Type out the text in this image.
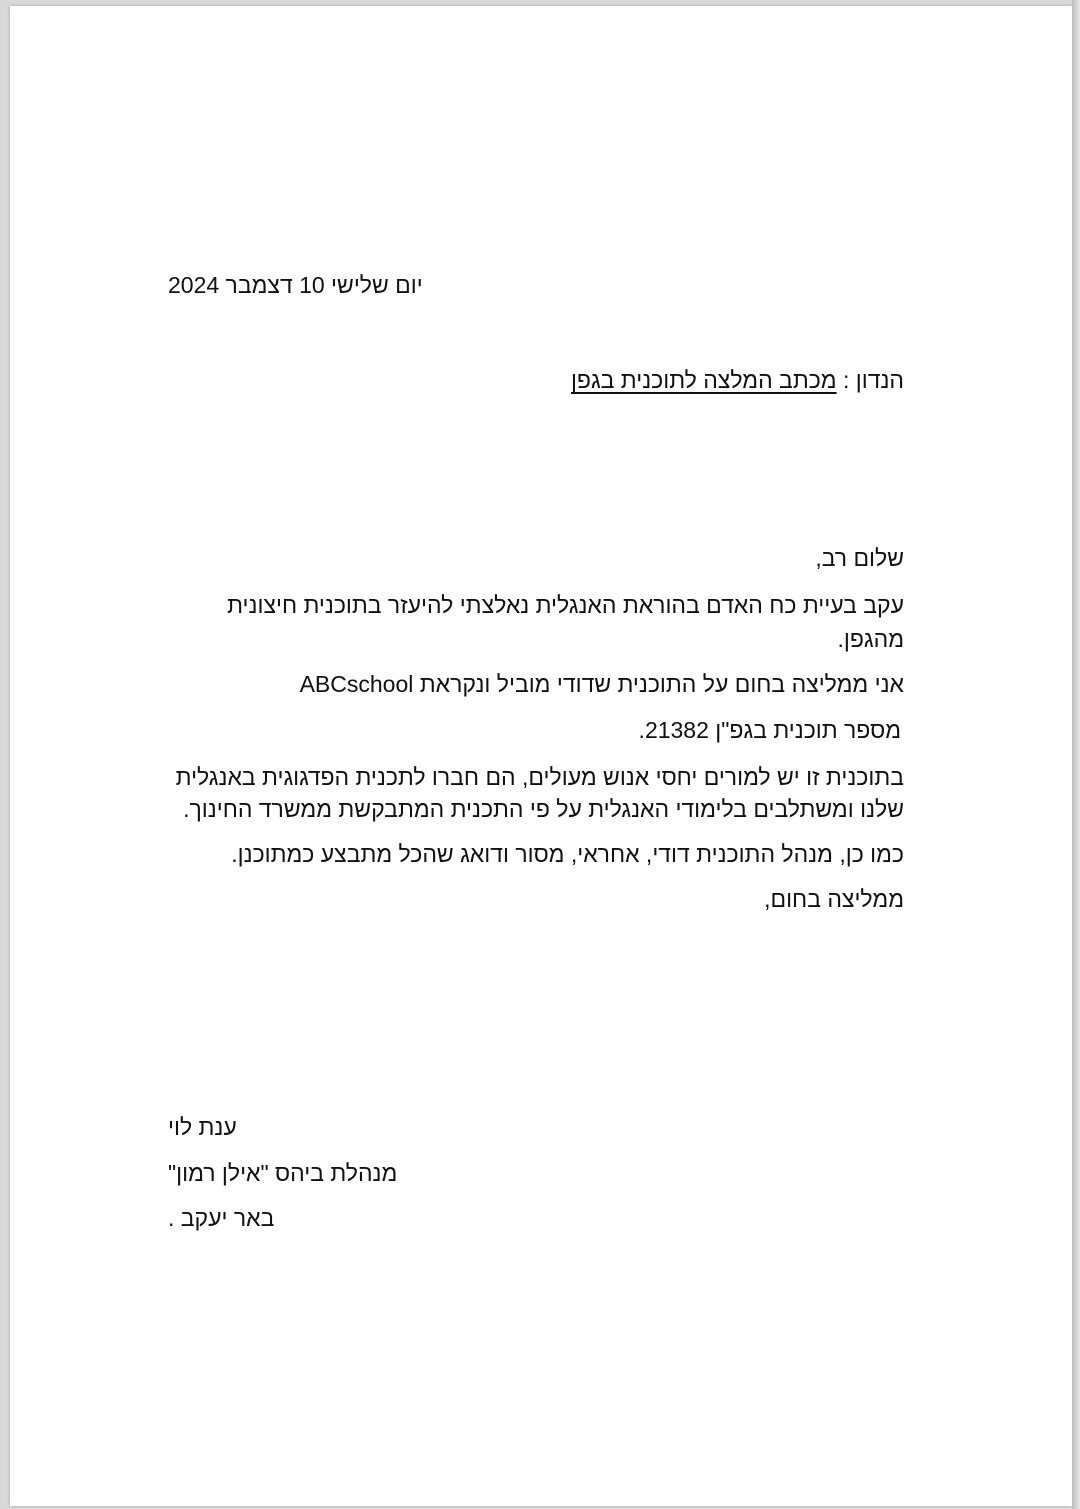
יום שלישי 10 דצמבר 2024
הנדון : מכתב המלצה לתוכנית בגפן
שלום רב,
עקב בעיית כח האדם בהוראת האנגלית נאלצתי להיעזר בתוכנית חיצונית
מהגפן.
אני ממליצה בחום על התוכנית שדודי מוביל ונקראת ABCschool
מספר תוכנית בגפ"ן 21382.
בתוכנית זו יש למורים יחסי אנוש מעולים, הם חברו לתכנית הפדגוגית באנגלית
שלנו ומשתלבים בלימודי האנגלית על פי התכנית המתבקשת ממשרד החינוך.
כמו כן, מנהל התוכנית דודי, אחראי, מסור ודואג שהכל מתבצע כמתוכנן.
ממליצה בחום,
ענת לוי
מנהלת ביהס "אילן רמון"
באר יעקב .
